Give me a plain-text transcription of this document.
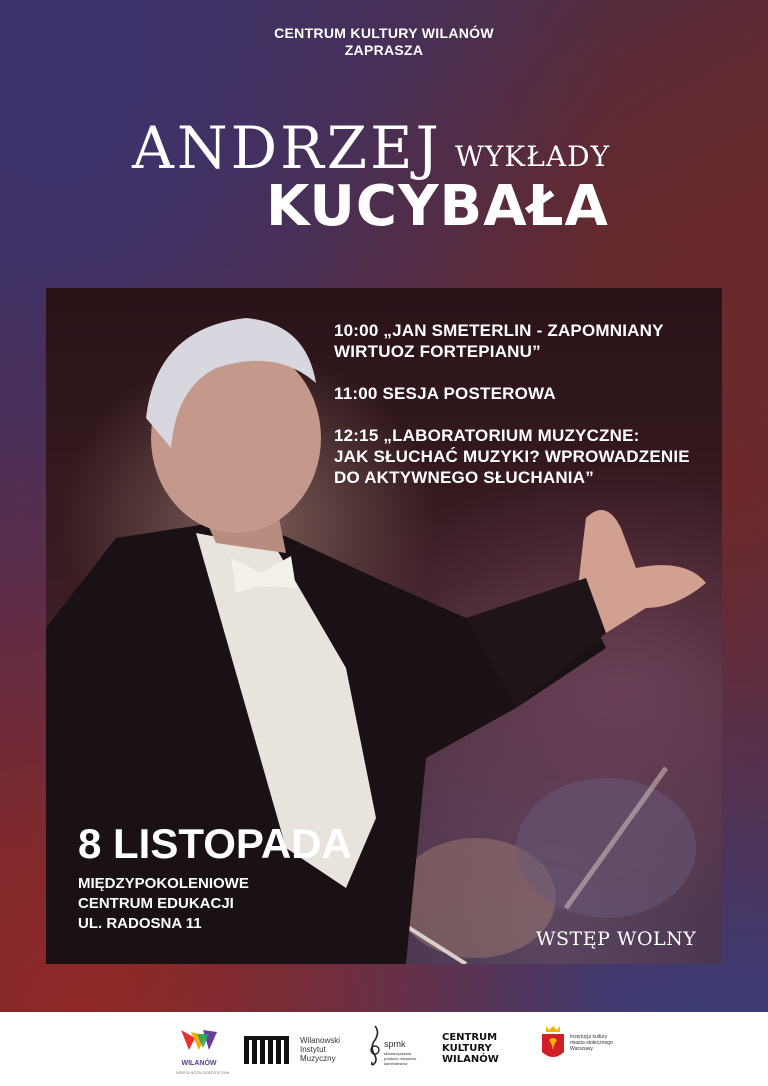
CENTRUM KULTURY WILANÓW
ZAPRASZA
ANDRZEJ WYKŁADY
KUCYBAŁA
10:00 „JAN SMETERLIN - ZAPOMNIANY
WIRTUOZ FORTEPIANU”
11:00 SESJA POSTEROWA
12:15 „LABORATORIUM MUZYCZNE:
JAK SŁUCHAĆ MUZYKI? WPROWADZENIE
DO AKTYWNEGO SŁUCHANIA”
8 LISTOPADA
MIĘDZYPOKOLENIOWE
CENTRUM EDUKACJI
UL. RADOSNA 11
WSTĘP WOLNY
WILANÓW
WSPÓLNOTA DZIEDZICTWA
Wilanowski Instytut Muzyczny
spmk
stowarzyszenie polskich muzyków kameralistów
CENTRUM KULTURY WILANÓW
Instytucja kultury miasta stołecznego Warszawy
